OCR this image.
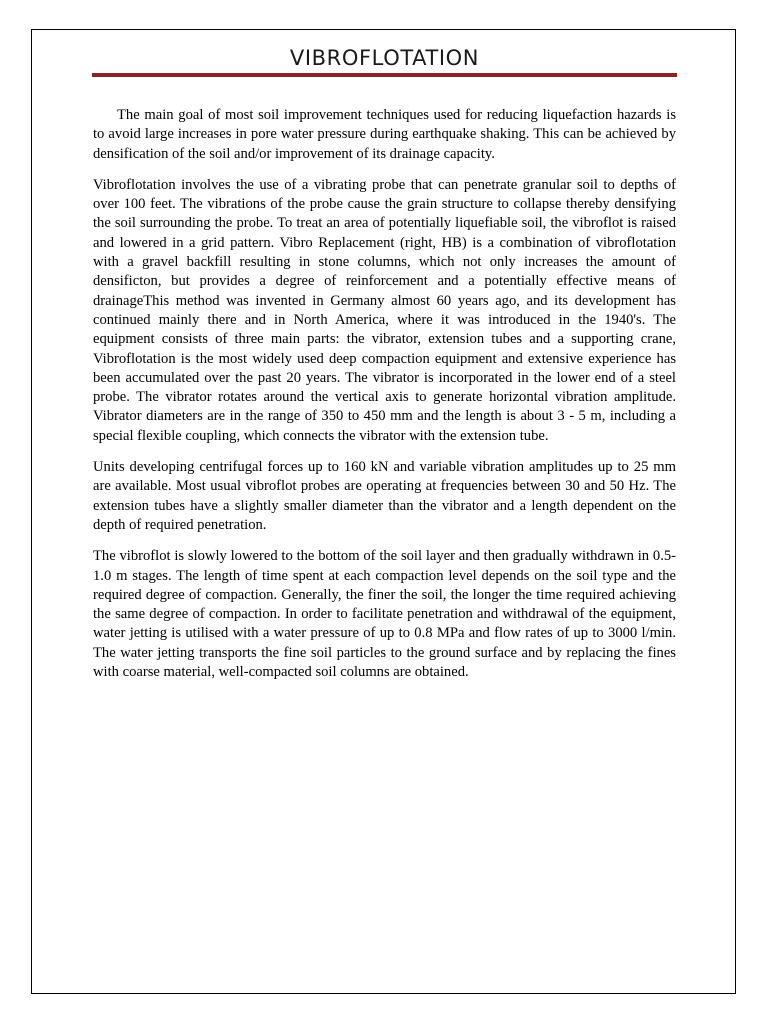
VIBROFLOTATION

The main goal of most soil improvement techniques used for reducing liquefaction hazards is to avoid large increases in pore water pressure during earthquake shaking. This can be achieved by densification of the soil and/or improvement of its drainage capacity.

Vibroflotation involves the use of a vibrating probe that can penetrate granular soil to depths of over 100 feet. The vibrations of the probe cause the grain structure to collapse thereby densifying the soil surrounding the probe. To treat an area of potentially liquefiable soil, the vibroflot is raised and lowered in a grid pattern. Vibro Replacement (right, HB) is a combination of vibroflotation with a gravel backfill resulting in stone columns, which not only increases the amount of densificton, but provides a degree of reinforcement and a potentially effective means of drainageThis method was invented in Germany almost 60 years ago, and its development has continued mainly there and in North America, where it was introduced in the 1940's. The equipment consists of three main parts: the vibrator, extension tubes and a supporting crane, Vibroflotation is the most widely used deep compaction equipment and extensive experience has been accumulated over the past 20 years. The vibrator is incorporated in the lower end of a steel probe. The vibrator rotates around the vertical axis to generate horizontal vibration amplitude. Vibrator diameters are in the range of 350 to 450 mm and the length is about 3 - 5 m, including a special flexible coupling, which connects the vibrator with the extension tube.

Units developing centrifugal forces up to 160 kN and variable vibration amplitudes up to 25 mm are available. Most usual vibroflot probes are operating at frequencies between 30 and 50 Hz. The extension tubes have a slightly smaller diameter than the vibrator and a length dependent on the depth of required penetration.

The vibroflot is slowly lowered to the bottom of the soil layer and then gradually withdrawn in 0.5-1.0 m stages. The length of time spent at each compaction level depends on the soil type and the required degree of compaction. Generally, the finer the soil, the longer the time required achieving the same degree of compaction. In order to facilitate penetration and withdrawal of the equipment, water jetting is utilised with a water pressure of up to 0.8 MPa and flow rates of up to 3000 l/min. The water jetting transports the fine soil particles to the ground surface and by replacing the fines with coarse material, well-compacted soil columns are obtained.
